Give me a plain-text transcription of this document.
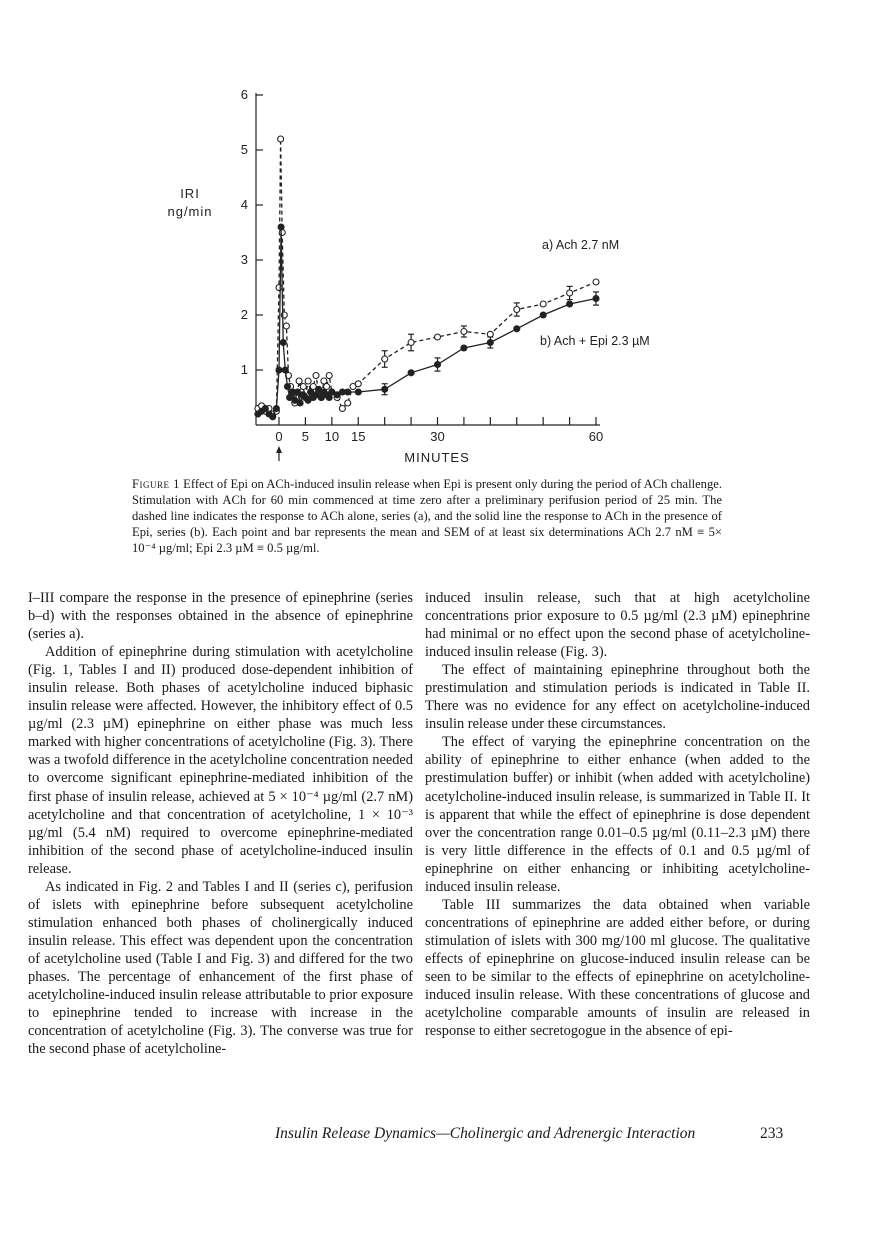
1
2
3
4
5
6
0 5 10 15	30	60
IRI
ng/min
MINUTES
a) Ach 2.7 nM
b) Ach + Epi 2.3 µM
Figure 1 Effect of Epi on ACh-induced insulin release when Epi is present only during the period of ACh challenge. Stimulation with ACh for 60 min commenced at time zero after a preliminary perifusion period of 25 min. The dashed line indicates the response to ACh alone, series (a), and the solid line the response to ACh in the presence of Epi, series (b). Each point and bar represents the mean and SEM of at least six determinations ACh 2.7 nM ≡ 5× 10⁻⁴ µg/ml; Epi 2.3 µM ≡ 0.5 µg/ml.

I–III compare the response in the presence of epinephrine (series b–d) with the responses obtained in the absence of epinephrine (series a).

Addition of epinephrine during stimulation with acetylcholine (Fig. 1, Tables I and II) produced dose-dependent inhibition of insulin release. Both phases of acetylcholine induced biphasic insulin release were affected. However, the inhibitory effect of 0.5 µg/ml (2.3 µM) epinephrine on either phase was much less marked with higher concentrations of acetylcholine (Fig. 3). There was a twofold difference in the acetylcholine concentration needed to overcome significant epinephrine-mediated inhibition of the first phase of insulin release, achieved at 5 × 10⁻⁴ µg/ml (2.7 nM) acetylcholine and that concentration of acetylcholine, 1 × 10⁻³ µg/ml (5.4 nM) required to overcome epinephrine-mediated inhibition of the second phase of acetylcholine-induced insulin release.

As indicated in Fig. 2 and Tables I and II (series c), perifusion of islets with epinephrine before subsequent acetylcholine stimulation enhanced both phases of cholinergically induced insulin release. This effect was dependent upon the concentration of acetylcholine used (Table I and Fig. 3) and differed for the two phases. The percentage of enhancement of the first phase of acetylcholine-induced insulin release attributable to prior exposure to epinephrine tended to increase with increase in the concentration of acetylcholine (Fig. 3). The converse was true for the second phase of acetylcholine-

induced insulin release, such that at high acetylcholine concentrations prior exposure to 0.5 µg/ml (2.3 µM) epinephrine had minimal or no effect upon the second phase of acetylcholine-induced insulin release (Fig. 3).

The effect of maintaining epinephrine throughout both the prestimulation and stimulation periods is indicated in Table II. There was no evidence for any effect on acetylcholine-induced insulin release under these circumstances.

The effect of varying the epinephrine concentration on the ability of epinephrine to either enhance (when added to the prestimulation buffer) or inhibit (when added with acetylcholine) acetylcholine-induced insulin release, is summarized in Table II. It is apparent that while the effect of epinephrine is dose dependent over the concentration range 0.01–0.5 µg/ml (0.11–2.3 µM) there is very little difference in the effects of 0.1 and 0.5 µg/ml of epinephrine on either enhancing or inhibiting acetylcholine-induced insulin release.

Table III summarizes the data obtained when variable concentrations of epinephrine are added either before, or during stimulation of islets with 300 mg/100 ml glucose. The qualitative effects of epinephrine on glucose-induced insulin release can be seen to be similar to the effects of epinephrine on acetylcholine-induced insulin release. With these concentrations of glucose and acetylcholine comparable amounts of insulin are released in response to either secretogogue in the absence of epi-

Insulin Release Dynamics—Cholinergic and Adrenergic Interaction	233
